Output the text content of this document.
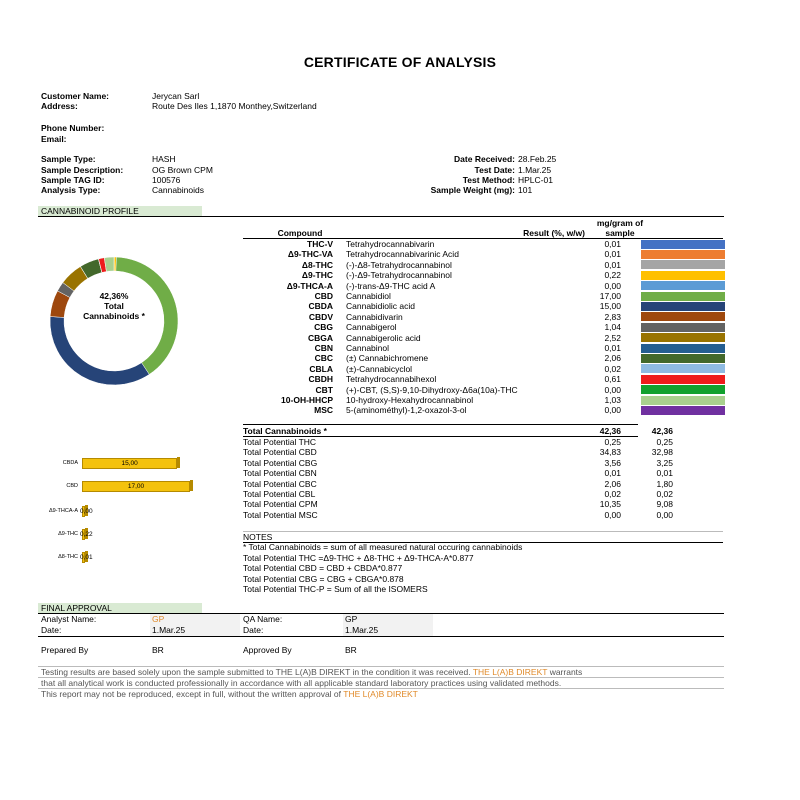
CERTIFICATE OF ANALYSIS
Customer Name:	Jerycan Sarl
Address:	Route Des Iles 1,1870 Monthey,Switzerland
Phone Number:
Email:
Sample Type:	HASH
Sample Description:	OG Brown CPM
Sample TAG ID:	100576
Analysis Type:	Cannabinoids
Date Received: 28.Feb.25
Test Date: 1.Mar.25
Test Method: HPLC-01
Sample Weight (mg): 101
CANNABINOID PROFILE
42,36%
Total
Cannabinoids *
mg/gram of
Compound	Result (%, w/w)	sample
THC-V Tetrahydrocannabivarin	0,01
Δ9-THC-VA Tetrahydrocannabivarinic Acid	0,01
Δ8-THC (-)-Δ8-Tetrahydrocannabinol	0,01
Δ9-THC (-)-Δ9-Tetrahydrocannabinol	0,22
Δ9-THCA-A (-)-trans-Δ9-THC acid A	0,00
CBD Cannabidiol	17,00
CBDA Cannabidiolic acid	15,00
CBDV Cannabidivarin	2,83
CBG Cannabigerol	1,04
CBGA Cannabigerolic acid	2,52
CBN Cannabinol	0,01
CBC (±) Cannabichromene	2,06
CBLA (±)-Cannabicyclol	0,02
CBDH Tetrahydrocannabihexol	0,61
CBT (+)-CBT, (S,S)-9,10-Dihydroxy-Δ6a(10a)-THC	0,00
10-OH-HHCP 10-hydroxy-Hexahydrocannabinol	1,03
MSC 5-(aminométhyl)-1,2-oxazol-3-ol	0,00
Total Cannabinoids *	42,36	42,36
Total Potential THC	0,25	0,25
Total Potential CBD	34,83	32,98
Total Potential CBG	3,56	3,25
Total Potential CBN	0,01	0,01
Total Potential CBC	2,06	1,80
Total Potential CBL	0,02	0,02
Total Potential CPM	10,35	9,08
Total Potential MSC	0,00	0,00
CBDA	15,00
CBD	17,00
Δ9-THCA-A 0,00
Δ9-THC 0,22
Δ8-THC 0,01
NOTES
* Total Cannabinoids = sum of all measured natural occuring cannabinoids
Total Potential THC =Δ9-THC + Δ8-THC + Δ9-THCA-A*0.877
Total Potential CBD = CBD + CBDA*0.877
Total Potential CBG = CBG + CBGA*0.878
Total Potential THC-P = Sum of all the ISOMERS
FINAL APPROVAL
Analyst Name:	GP
Date:	1.Mar.25
QA Name:	GP
Date:	1.Mar.25
Prepared By	BR	Approved By	BR
Testing results are based solely upon the sample submitted to THE L(A)B DIREKT in the condition it was received. THE L(A)B DIREKT warrants
that all analytical work is conducted professionally in accordance with all applicable standard laboratory practices using validated methods.
This report may not be reproduced, except in full, without the written approval of THE L(A)B DIREKT
